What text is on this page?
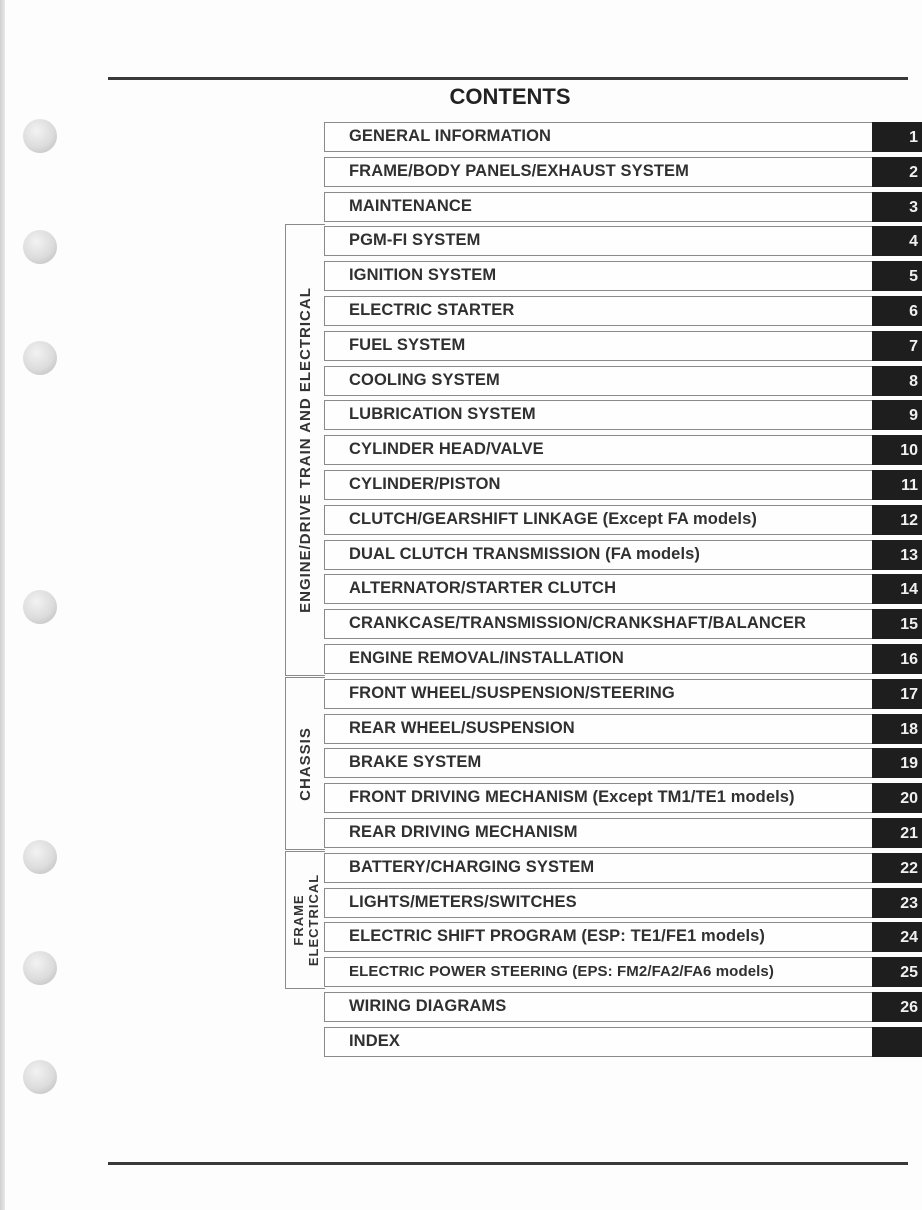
CONTENTS
ENGINE/DRIVE TRAIN AND ELECTRICAL
CHASSIS
FRAME ELECTRICAL
GENERAL INFORMATION	1
FRAME/BODY PANELS/EXHAUST SYSTEM	2
MAINTENANCE	3
PGM-FI SYSTEM	4
IGNITION SYSTEM	5
ELECTRIC STARTER	6
FUEL SYSTEM	7
COOLING SYSTEM	8
LUBRICATION SYSTEM	9
CYLINDER HEAD/VALVE	10
CYLINDER/PISTON	11
CLUTCH/GEARSHIFT LINKAGE (Except FA models)	12
DUAL CLUTCH TRANSMISSION (FA models)	13
ALTERNATOR/STARTER CLUTCH	14
CRANKCASE/TRANSMISSION/CRANKSHAFT/BALANCER	15
ENGINE REMOVAL/INSTALLATION	16
FRONT WHEEL/SUSPENSION/STEERING	17
REAR WHEEL/SUSPENSION	18
BRAKE SYSTEM	19
FRONT DRIVING MECHANISM (Except TM1/TE1 models)	20
REAR DRIVING MECHANISM	21
BATTERY/CHARGING SYSTEM	22
LIGHTS/METERS/SWITCHES	23
ELECTRIC SHIFT PROGRAM (ESP: TE1/FE1 models)	24
ELECTRIC POWER STEERING (EPS: FM2/FA2/FA6 models)	25
WIRING DIAGRAMS	26
INDEX
